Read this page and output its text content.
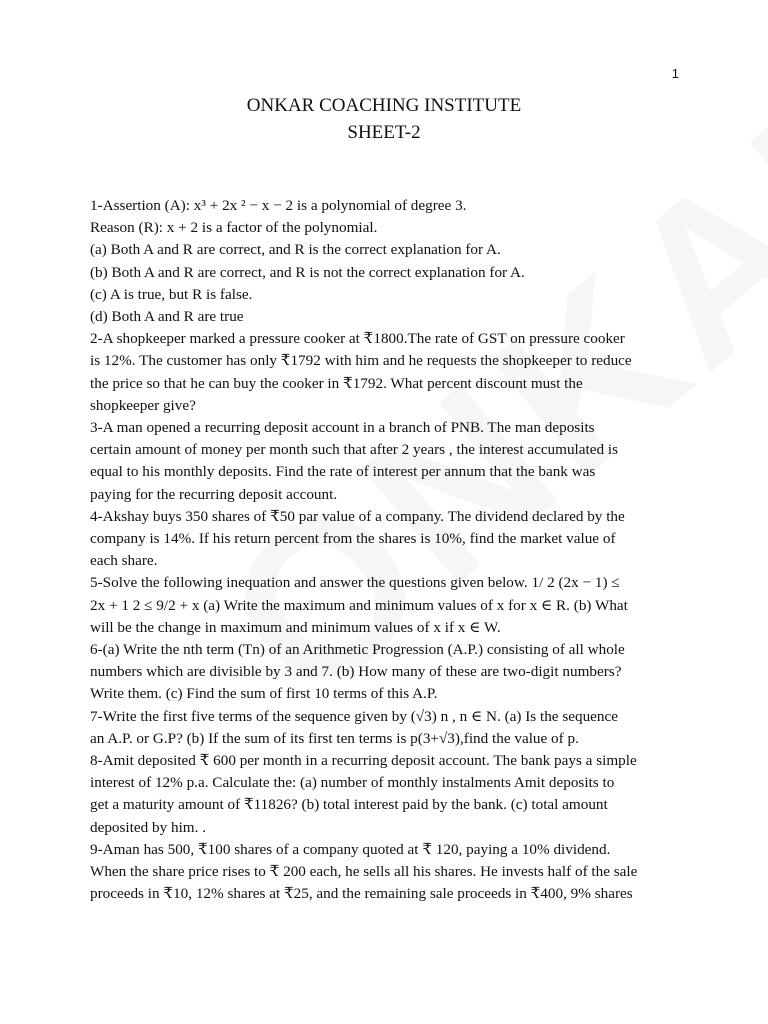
1
ONKAR COACHING INSTITUTE
SHEET-2
1-Assertion (A): x³ + 2x ² − x − 2 is a polynomial of degree 3.
Reason (R): x + 2 is a factor of the polynomial.
(a) Both A and R are correct, and R is the correct explanation for A.
(b) Both A and R are correct, and R is not the correct explanation for A.
(c) A is true, but R is false.
(d) Both A and R are true
2-A shopkeeper marked a pressure cooker at ₹1800.The rate of GST on pressure cooker
is 12%. The customer has only ₹1792 with him and he requests the shopkeeper to reduce
the price so that he can buy the cooker in ₹1792. What percent discount must the
shopkeeper give?
3-A man opened a recurring deposit account in a branch of PNB. The man deposits
certain amount of money per month such that after 2 years , the interest accumulated is
equal to his monthly deposits. Find the rate of interest per annum that the bank was
paying for the recurring deposit account.
4-Akshay buys 350 shares of ₹50 par value of a company. The dividend declared by the
company is 14%. If his return percent from the shares is 10%, find the market value of
each share.
5-Solve the following inequation and answer the questions given below. 1/ 2 (2x − 1) ≤
2x + 1 2 ≤ 9/2 + x (a) Write the maximum and minimum values of x for x ∈ R. (b) What
will be the change in maximum and minimum values of x if x ∈ W.
6-(a) Write the nth term (Tn) of an Arithmetic Progression (A.P.) consisting of all whole
numbers which are divisible by 3 and 7. (b) How many of these are two-digit numbers?
Write them. (c) Find the sum of first 10 terms of this A.P.
7-Write the first five terms of the sequence given by (√3) n , n ∈ N. (a) Is the sequence
an A.P. or G.P? (b) If the sum of its first ten terms is p(3+√3),find the value of p.
8-Amit deposited ₹ 600 per month in a recurring deposit account. The bank pays a simple
interest of 12% p.a. Calculate the: (a) number of monthly instalments Amit deposits to
get a maturity amount of ₹11826? (b) total interest paid by the bank. (c) total amount
deposited by him. .
9-Aman has 500, ₹100 shares of a company quoted at ₹ 120, paying a 10% dividend.
When the share price rises to ₹ 200 each, he sells all his shares. He invests half of the sale
proceeds in ₹10, 12% shares at ₹25, and the remaining sale proceeds in ₹400, 9% shares
